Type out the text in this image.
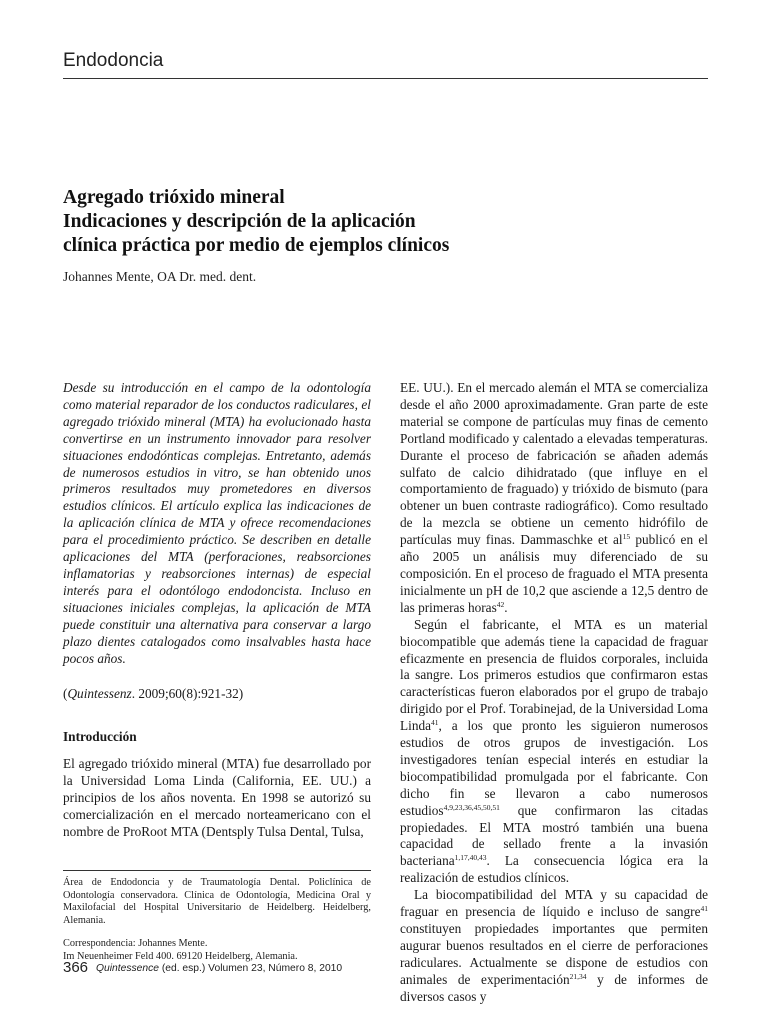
Endodoncia
Agregado trióxido mineral
Indicaciones y descripción de la aplicación
clínica práctica por medio de ejemplos clínicos
Johannes Mente, OA Dr. med. dent.

Desde su introducción en el campo de la odontología como material reparador de los conductos radiculares, el agregado trióxido mineral (MTA) ha evolucionado hasta convertirse en un instrumento innovador para resolver situaciones endodónticas complejas. Entretanto, además de numerosos estudios in vitro, se han obtenido unos primeros resultados muy prometedores en diversos estudios clínicos. El artículo explica las indicaciones de la aplicación clínica de MTA y ofrece recomendaciones para el procedimiento práctico. Se describen en detalle aplicaciones del MTA (perforaciones, reabsorciones inflamatorias y reabsorciones internas) de especial interés para el odontólogo endodoncista. Incluso en situaciones iniciales complejas, la aplicación de MTA puede constituir una alternativa para conservar a largo plazo dientes catalogados como insalvables hasta hace pocos años.

(Quintessenz. 2009;60(8):921-32)
Introducción

El agregado trióxido mineral (MTA) fue desarrollado por la Universidad Loma Linda (California, EE. UU.) a principios de los años noventa. En 1998 se autorizó su comercialización en el mercado norteamericano con el nombre de ProRoot MTA (Dentsply Tulsa Dental, Tulsa,

EE. UU.). En el mercado alemán el MTA se comercializa desde el año 2000 aproximadamente. Gran parte de este material se compone de partículas muy finas de cemento Portland modificado y calentado a elevadas temperaturas. Durante el proceso de fabricación se añaden además sulfato de calcio dihidratado (que influye en el comportamiento de fraguado) y trióxido de bismuto (para obtener un buen contraste radiográfico). Como resultado de la mezcla se obtiene un cemento hidrófilo de partículas muy finas. Dammaschke et $al^{15}$ publicó en el año 2005 un análisis muy diferenciado de su composición. En el proceso de fraguado el MTA presenta inicialmente un pH de 10,2 que asciende a 12,5 dentro de las primeras horas$^{42}$.

Según el fabricante, el MTA es un material biocompatible que además tiene la capacidad de fraguar eficazmente en presencia de fluidos corporales, incluida la sangre. Los primeros estudios que confirmaron estas características fueron elaborados por el grupo de trabajo dirigido por el Prof. Torabinejad, de la Universidad Loma Linda$^{41}$, a los que pronto les siguieron numerosos estudios de otros grupos de investigación. Los investigadores tenían especial interés en estudiar la biocompatibilidad promulgada por el fabricante. Con dicho fin se llevaron a cabo numerosos estudios$^{4,9,23,36,45,50,51}$ que confirmaron las citadas propiedades. El MTA mostró también una buena capacidad de sellado frente a la invasión bacteriana$^{1,17,40,43}$. La consecuencia lógica era la realización de estudios clínicos.

La biocompatibilidad del MTA y su capacidad de fraguar en presencia de líquido e incluso de sangre$^{41}$ constituyen propiedades importantes que permiten augurar buenos resultados en el cierre de perforaciones radiculares. Actualmente se dispone de estudios con animales de experimentación$^{21,34}$ y de informes de diversos casos y

Área de Endodoncia y de Traumatología Dental. Policlínica de Odontología conservadora. Clínica de Odontología, Medicina Oral y Maxilofacial del Hospital Universitario de Heidelberg. Heidelberg, Alemania.

Correspondencia: Johannes Mente.

Im Neuenheimer Feld 400. 69120 Heidelberg, Alemania.

366 Quintessence (ed. esp.) Volumen 23, Número 8, 2010
